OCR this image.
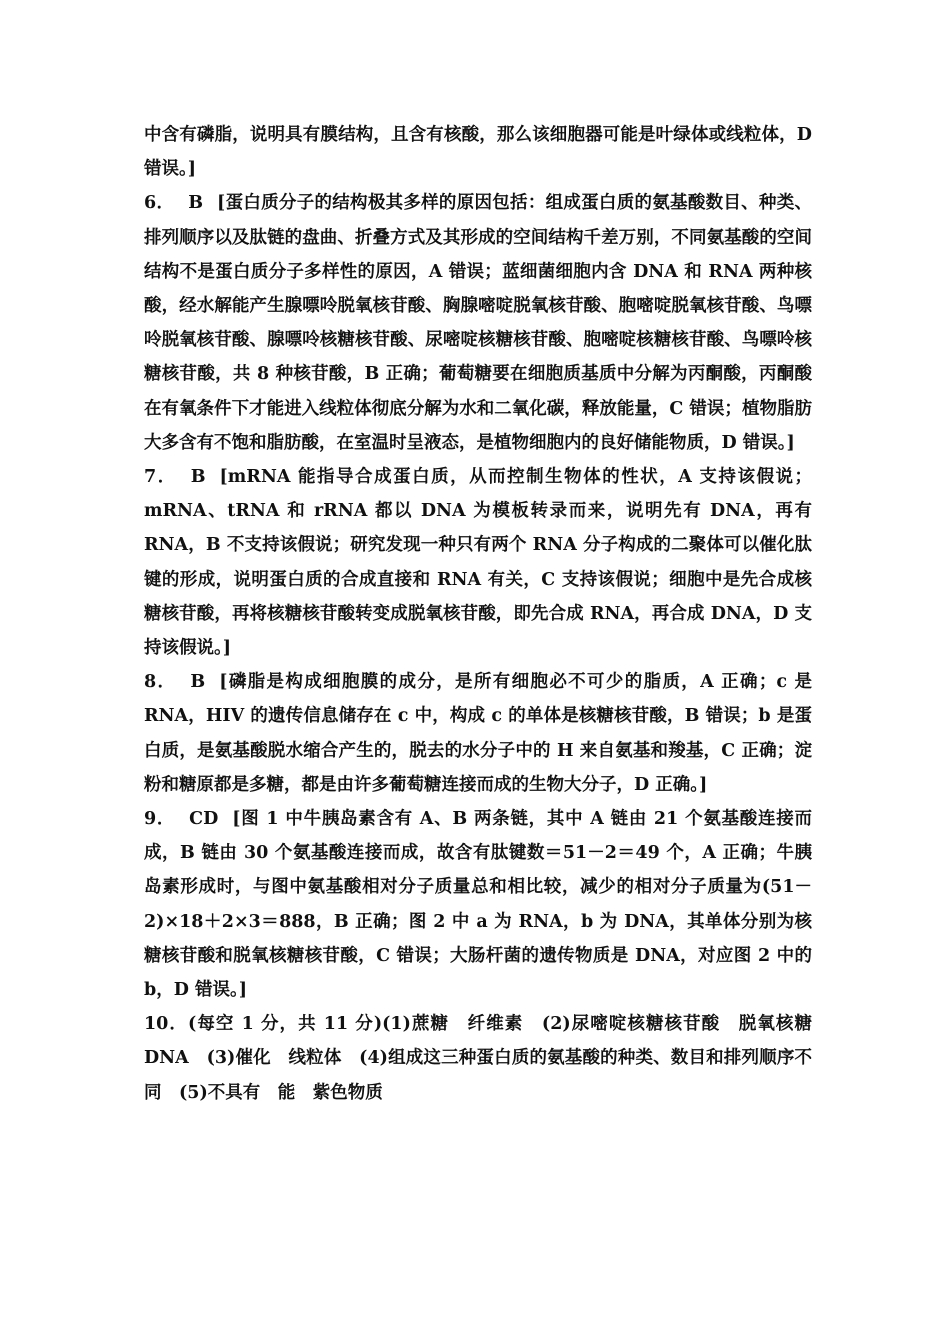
中含有磷脂，说明具有膜结构，且含有核酸，那么该细胞器可能是叶绿体或线粒体，D 错误。]

6． B [蛋白质分子的结构极其多样的原因包括：组成蛋白质的氨基酸数目、种类、排列顺序以及肽链的盘曲、折叠方式及其形成的空间结构千差万别，不同氨基酸的空间结构不是蛋白质分子多样性的原因，A 错误；蓝细菌细胞内含 DNA 和 RNA 两种核酸，经水解能产生腺嘌呤脱氧核苷酸、胸腺嘧啶脱氧核苷酸、胞嘧啶脱氧核苷酸、鸟嘌呤脱氧核苷酸、腺嘌呤核糖核苷酸、尿嘧啶核糖核苷酸、胞嘧啶核糖核苷酸、鸟嘌呤核糖核苷酸，共 8 种核苷酸，B 正确；葡萄糖要在细胞质基质中分解为丙酮酸，丙酮酸在有氧条件下才能进入线粒体彻底分解为水和二氧化碳，释放能量，C 错误；植物脂肪大多含有不饱和脂肪酸，在室温时呈液态，是植物细胞内的良好储能物质，D 错误。]

7． B [mRNA 能指导合成蛋白质，从而控制生物体的性状，A 支持该假说；mRNA、tRNA 和 rRNA 都以 DNA 为模板转录而来，说明先有 DNA，再有 RNA，B 不支持该假说；研究发现一种只有两个 RNA 分子构成的二聚体可以催化肽键的形成，说明蛋白质的合成直接和 RNA 有关，C 支持该假说；细胞中是先合成核糖核苷酸，再将核糖核苷酸转变成脱氧核苷酸，即先合成 RNA，再合成 DNA，D 支持该假说。]

8． B [磷脂是构成细胞膜的成分，是所有细胞必不可少的脂质，A 正确；c 是 RNA，HIV 的遗传信息储存在 c 中，构成 c 的单体是核糖核苷酸，B 错误；b 是蛋白质，是氨基酸脱水缩合产生的，脱去的水分子中的 H 来自氨基和羧基，C 正确；淀粉和糖原都是多糖，都是由许多葡萄糖连接而成的生物大分子，D 正确。]

9． CD [图 1 中牛胰岛素含有 A、B 两条链，其中 A 链由 21 个氨基酸连接而成，B 链由 30 个氨基酸连接而成，故含有肽键数＝51－2＝49 个，A 正确；牛胰岛素形成时，与图中氨基酸相对分子质量总和相比较，减少的相对分子质量为(51－2)×18＋2×3＝888，B 正确；图 2 中 a 为 RNA，b 为 DNA，其单体分别为核糖核苷酸和脱氧核糖核苷酸，C 错误；大肠杆菌的遗传物质是 DNA，对应图 2 中的 b，D 错误。]

10．(每空 1 分，共 11 分)(1)蔗糖　纤维素　(2)尿嘧啶核糖核苷酸　脱氧核糖　DNA　(3)催化　线粒体　(4)组成这三种蛋白质的氨基酸的种类、数目和排列顺序不同　(5)不具有　能　紫色物质
